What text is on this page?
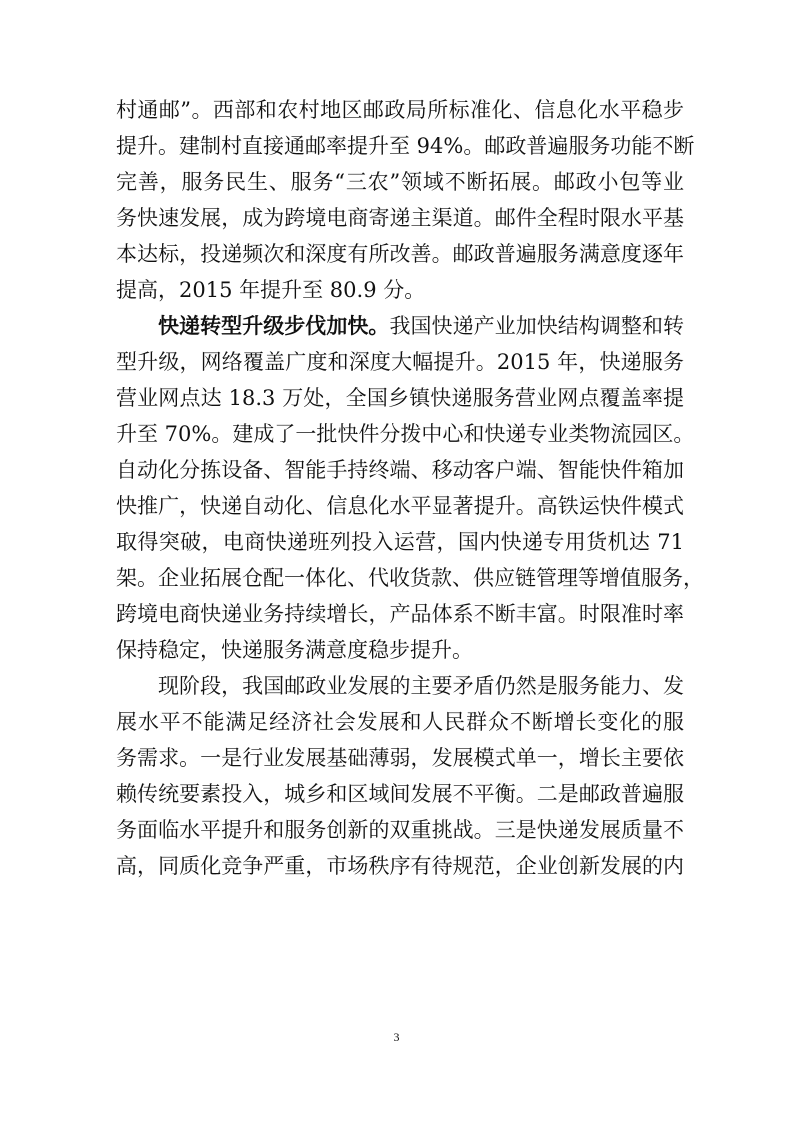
村通邮”。西部和农村地区邮政局所标准化、信息化水平稳步
提升。建制村直接通邮率提升至 94%。邮政普遍服务功能不断
完善，服务民生、服务“三农”领域不断拓展。邮政小包等业
务快速发展，成为跨境电商寄递主渠道。邮件全程时限水平基
本达标，投递频次和深度有所改善。邮政普遍服务满意度逐年
提高，2015 年提升至 80.9 分。
快递转型升级步伐加快。我国快递产业加快结构调整和转
型升级，网络覆盖广度和深度大幅提升。2015 年，快递服务
营业网点达 18.3 万处，全国乡镇快递服务营业网点覆盖率提
升至 70%。建成了一批快件分拨中心和快递专业类物流园区。
自动化分拣设备、智能手持终端、移动客户端、智能快件箱加
快推广，快递自动化、信息化水平显著提升。高铁运快件模式
取得突破，电商快递班列投入运营，国内快递专用货机达 71
架。企业拓展仓配一体化、代收货款、供应链管理等增值服务，
跨境电商快递业务持续增长，产品体系不断丰富。时限准时率
保持稳定，快递服务满意度稳步提升。
现阶段，我国邮政业发展的主要矛盾仍然是服务能力、发
展水平不能满足经济社会发展和人民群众不断增长变化的服
务需求。一是行业发展基础薄弱，发展模式单一，增长主要依
赖传统要素投入，城乡和区域间发展不平衡。二是邮政普遍服
务面临水平提升和服务创新的双重挑战。三是快递发展质量不
高，同质化竞争严重，市场秩序有待规范，企业创新发展的内
3
